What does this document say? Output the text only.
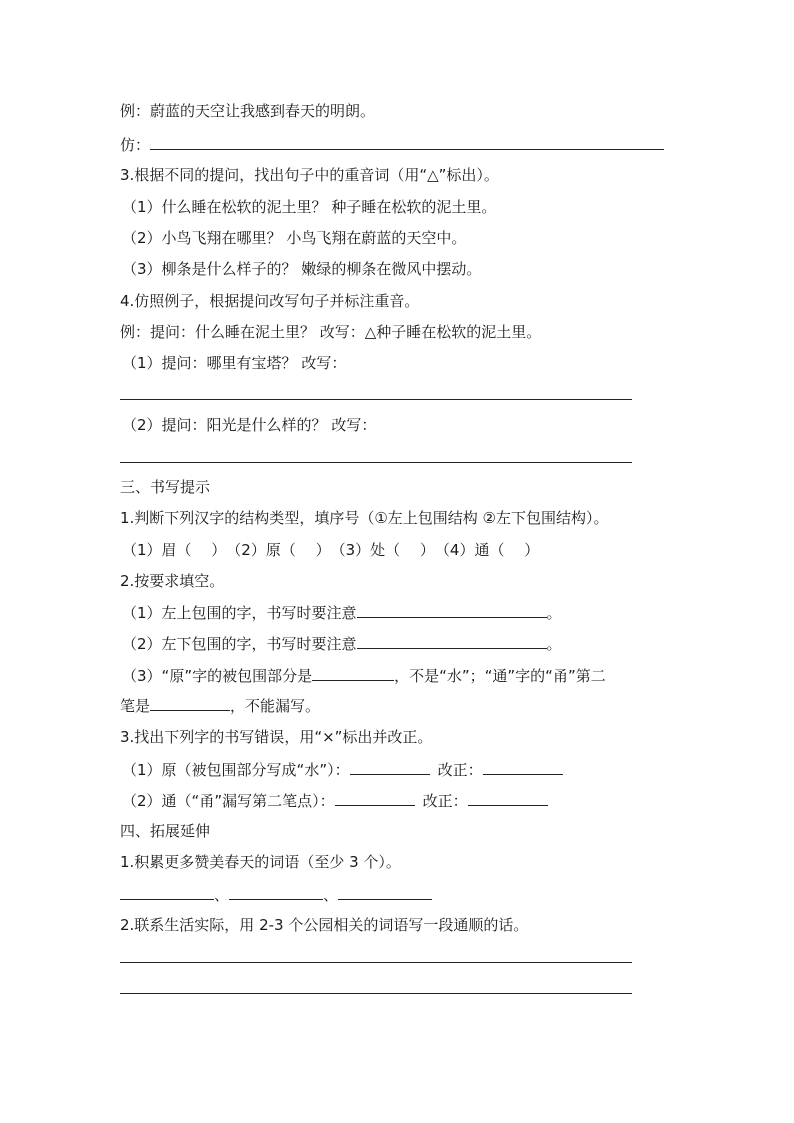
例：蔚蓝的天空让我感到春天的明朗。
仿：
3.根据不同的提问，找出句子中的重音词（用“△”标出）。
（1）什么睡在松软的泥土里？ 种子睡在松软的泥土里。
（2）小鸟飞翔在哪里？ 小鸟飞翔在蔚蓝的天空中。
（3）柳条是什么样子的？ 嫩绿的柳条在微风中摆动。
4.仿照例子，根据提问改写句子并标注重音。
例：提问：什么睡在泥土里？ 改写：△种子睡在松软的泥土里。
（1）提问：哪里有宝塔？ 改写：
（2）提问：阳光是什么样的？ 改写：
三、书写提示
1.判断下列汉字的结构类型，填序号（①左上包围结构 ②左下包围结构）。
（1）眉（　 ）　（2）原（　 ）　（3）处（　 ）　（4）通（　 ）
2.按要求填空。
（1）左上包围的字，书写时要注意	。
（2）左下包围的字，书写时要注意	。
（3）“原”字的被包围部分是	，不是“水”；“通”字的“甬”第二
笔是	，不能漏写。
3.找出下列字的书写错误，用“×”标出并改正。
（1）原（被包围部分写成“水”）：	改正：
（2）通（“甬”漏写第二笔点）：	改正：
四、拓展延伸
1.积累更多赞美春天的词语（至少 3 个）。
、	、
2.联系生活实际，用 2-3 个公园相关的词语写一段通顺的话。
